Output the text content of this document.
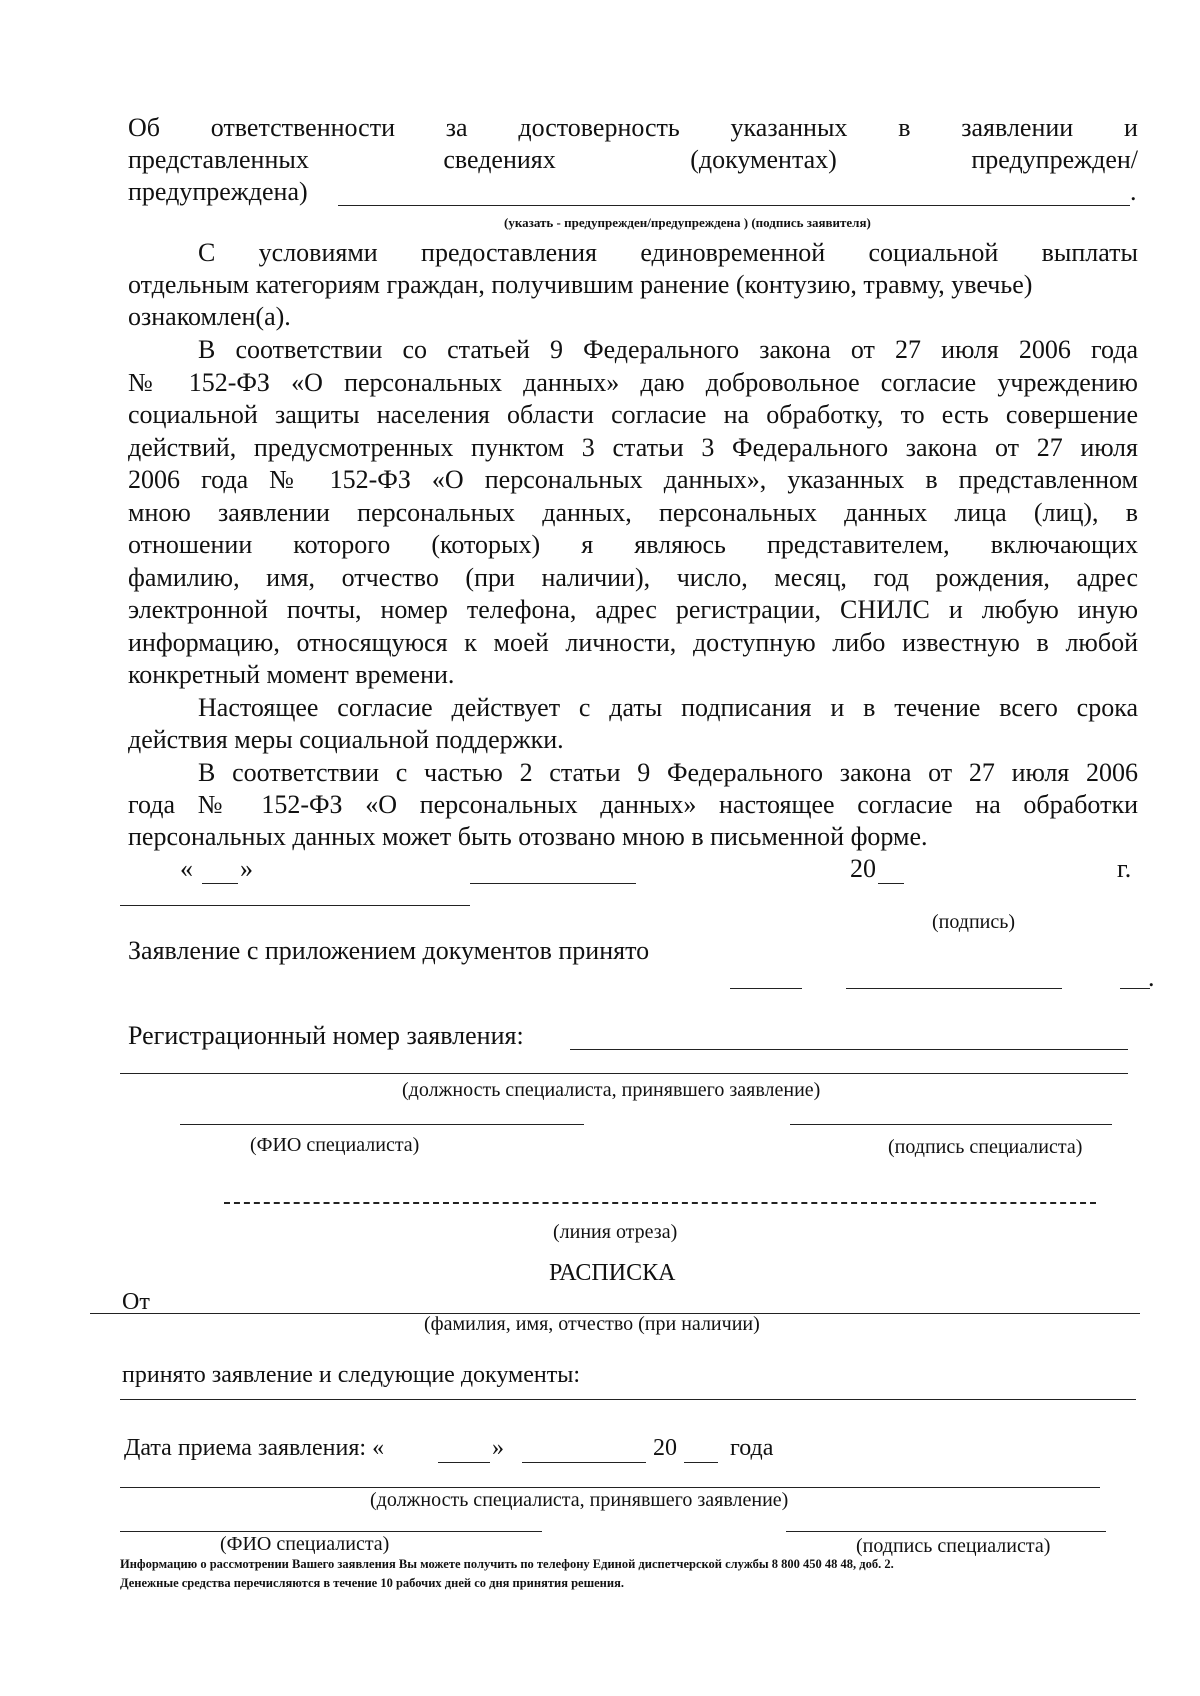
Об ответственности за достоверность указанных в заявлении и
представленных	сведениях	(документах)	предупрежден/
предупреждена)	.
(указать - предупрежден/предупреждена ) (подпись заявителя)
С условиями предоставления единовременной социальной выплаты
отдельным категориям граждан, получившим ранение (контузию, травму, увечье)
ознакомлен(а).
В соответствии со статьей 9 Федерального закона от 27 июля 2006 года
№ 152-ФЗ «О персональных данных» даю добровольное согласие учреждению
социальной защиты населения области согласие на обработку, то есть совершение
действий, предусмотренных пунктом 3 статьи 3 Федерального закона от 27 июля
2006 года № 152-ФЗ «О персональных данных», указанных в представленном
мною заявлении персональных данных, персональных данных лица (лиц), в
отношении которого (которых) я являюсь представителем, включающих
фамилию, имя, отчество (при наличии), число, месяц, год рождения, адрес
электронной почты, номер телефона, адрес регистрации, СНИЛС и любую иную
информацию, относящуюся к моей личности, доступную либо известную в любой
конкретный момент времени.
Настоящее согласие действует с даты подписания и в течение всего срока
действия меры социальной поддержки.
В соответствии с частью 2 статьи 9 Федерального закона от 27 июля 2006
года № 152-ФЗ «О персональных данных» настоящее согласие на обработки
персональных данных может быть отозвано мною в письменной форме.
« »	20	г.
(подпись)
Заявление с приложением документов принято
.
Регистрационный номер заявления:
(должность специалиста, принявшего заявление)
(ФИО специалиста)	(подпись специалиста)
(линия отреза)
РАСПИСКА
От
(фамилия, имя, отчество (при наличии)
принято заявление и следующие документы:
Дата приема заявления: «	»	20 года
(должность специалиста, принявшего заявление)
(ФИО специалиста)	(подпись специалиста)
Информацию о рассмотрении Вашего заявления Вы можете получить по телефону Единой диспетчерской службы 8 800 450 48 48, доб. 2.
Денежные средства перечисляются в течение 10 рабочих дней со дня принятия решения.
